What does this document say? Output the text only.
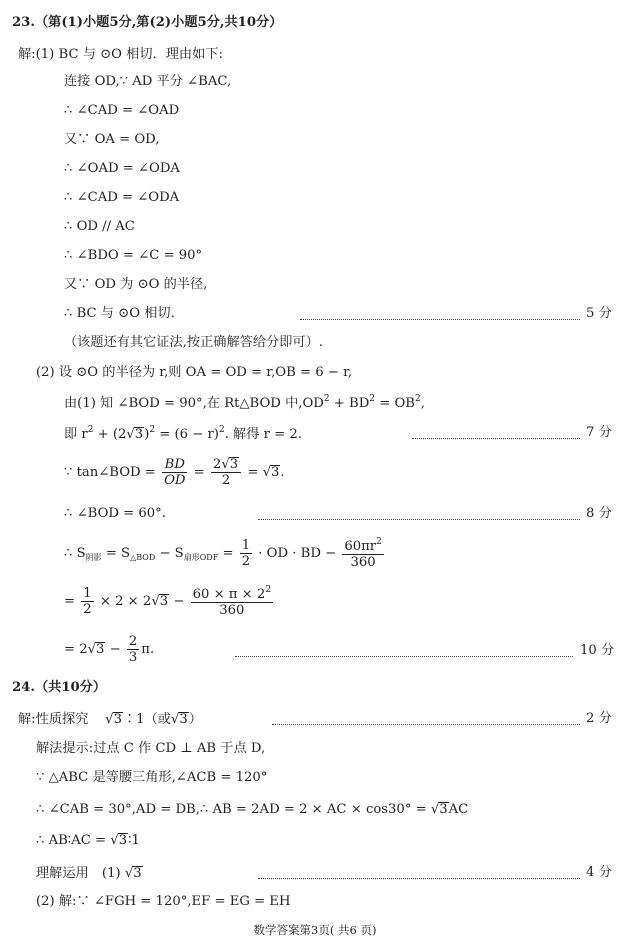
23.（第(1)小题5分,第(2)小题5分,共10分）
解:(1) BC 与 ⊙O 相切．理由如下:
连接 OD,∵ AD 平分 ∠BAC,
∴ ∠CAD = ∠OAD
又∵ OA = OD,
∴ ∠OAD = ∠ODA
∴ ∠CAD = ∠ODA
∴ OD // AC
∴ ∠BDO = ∠C = 90°
又∵ OD 为 ⊙O 的半径,
∴ BC 与 ⊙O 相切．	5 分
（该题还有其它证法,按正确解答给分即可）.
(2) 设 ⊙O 的半径为 r,则 OA = OD = r,OB = 6 − r,
由(1) 知 ∠BOD = 90°,在 Rt△BOD 中$,OD^2 + BD^2 = OB^2$,
即 $r^2 + (2√3)^2 = (6 - r)^2$. 解得 r = 2.	7 分
∵ tan∠BOD = $\frac{BD}{OD} = \frac{2√3}{2} = √3$.
∴ ∠BOD = 60°.	8 分
∴ $S_{阴影} = S_{\triangle BOD} - S_{扇形ODF} = \frac{1}{2}$ · OD · BD − $\frac{60\pi r^2}{360}$
= $\frac{1}{2} \times 2 \times 2√3 - \frac{60 \times \pi \times 2^2}{360}$
= $2√3 - \frac{2}{3} \pi$.	10 分
24.（共10分）
解:性质探究    √3∶1（或√3）	2 分
解法提示:过点 C 作 CD ⊥ AB 于点 D,
∵ △ABC 是等腰三角形,∠ACB = 120°
∴ ∠CAB = 30°,AD = DB,∴ AB = 2AD = 2 × AC × cos30° = √3AC
∴ AB∶AC = √3∶1
理解运用　(1) √3	4 分
(2) 解:∵ ∠FGH = 120°,EF = EG = EH
数学答案第3页( 共6 页)
